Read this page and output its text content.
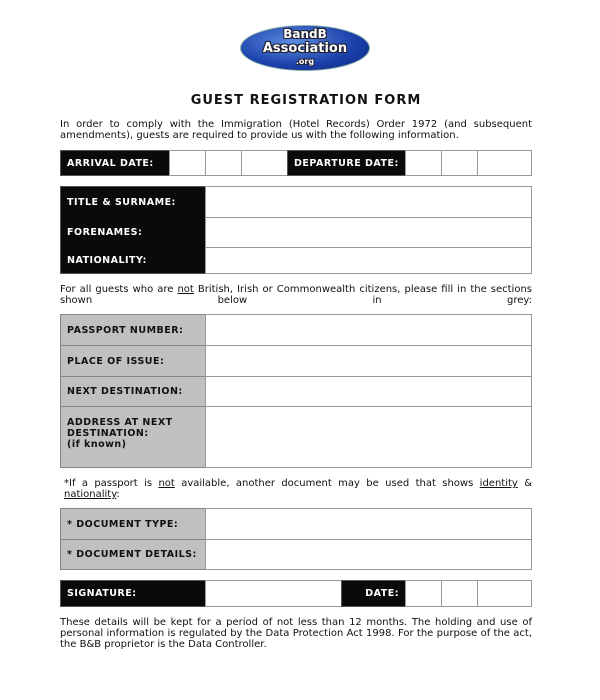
BandB
Association
.org
GUEST REGISTRATION FORM
In order to comply with the Immigration (Hotel Records) Order 1972 (and subsequent amendments), guests are required to provide us with the following information.
ARRIVAL DATE:	DEPARTURE DATE:
TITLE & SURNAME:
FORENAMES:
NATIONALITY:
For all guests who are not British, Irish or Commonwealth citizens, please fill in the sections shown below in grey:
PASSPORT NUMBER:
PLACE OF ISSUE:
NEXT DESTINATION:
ADDRESS AT NEXT
DESTINATION:
(if known)
*If a passport is not available, another document may be used that shows identity & nationality:
* DOCUMENT TYPE:
* DOCUMENT DETAILS:
SIGNATURE:	DATE:
These details will be kept for a period of not less than 12 months. The holding and use of personal information is regulated by the Data Protection Act 1998. For the purpose of the act, the B&B proprietor is the Data Controller.
